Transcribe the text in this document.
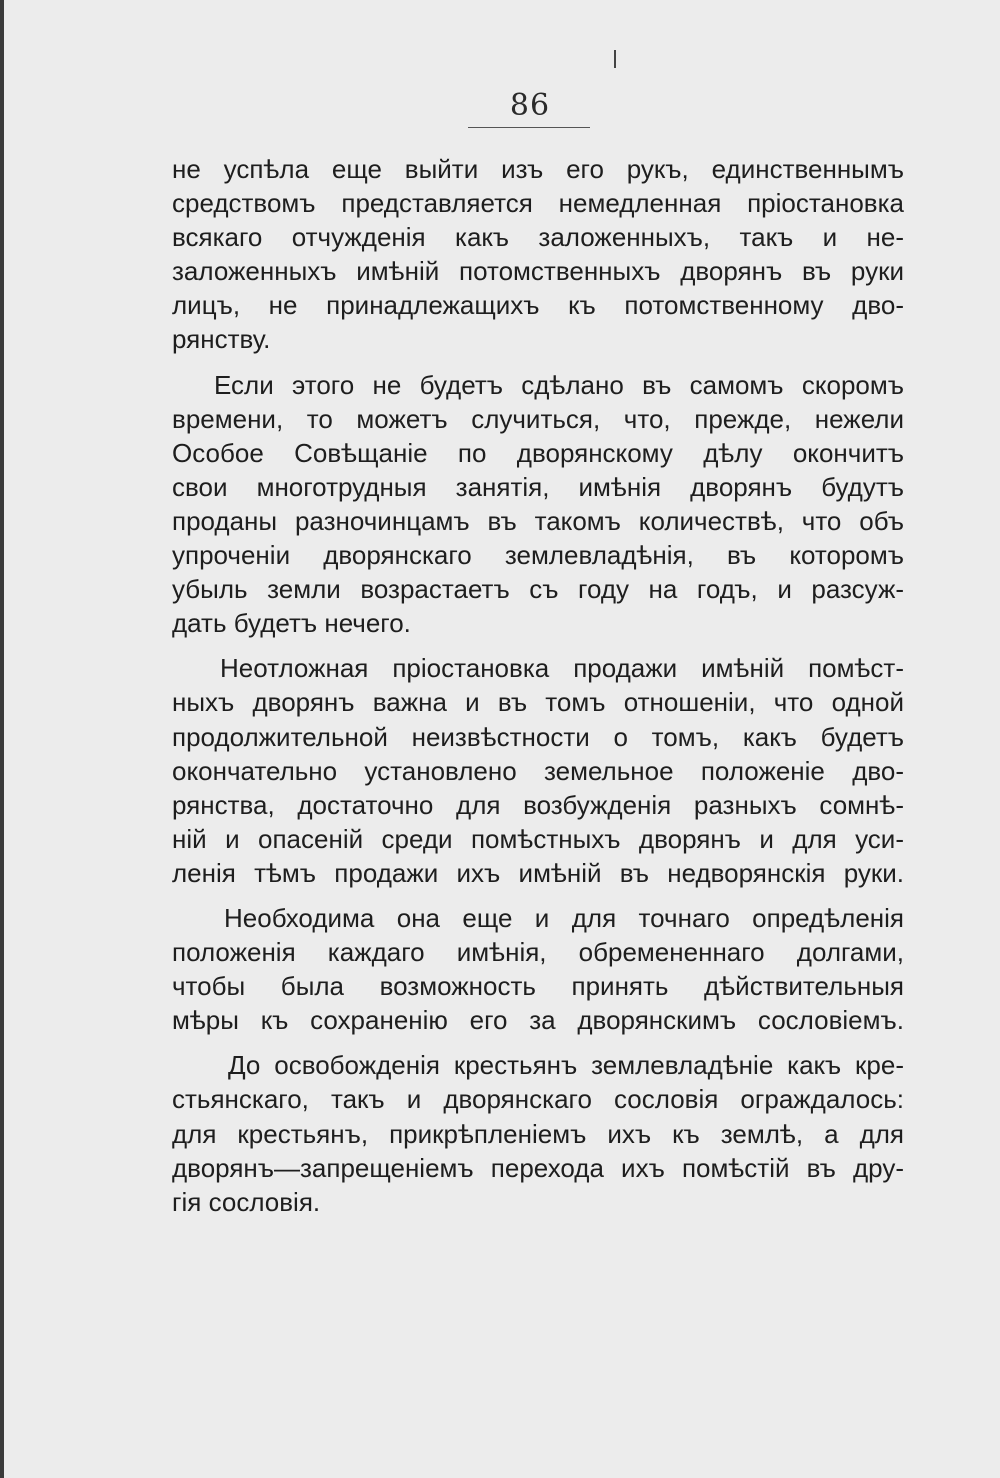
86
не успѣла еще выйти изъ его рукъ, единственнымъ
средствомъ представляется немедленная пріостановка
всякаго отчужденія какъ заложенныхъ, такъ и не-
заложенныхъ имѣній потомственныхъ дворянъ въ руки
лицъ, не принадлежащихъ къ потомственному дво-
рянству.
Если этого не будетъ сдѣлано въ самомъ скоромъ
времени, то можетъ случиться, что, прежде, нежели
Особое Совѣщаніе по дворянскому дѣлу окончитъ
свои многотрудныя занятія, имѣнія дворянъ будутъ
проданы разночинцамъ въ такомъ количествѣ, что объ
упроченіи дворянскаго землевладѣнія, въ которомъ
убыль земли возрастаетъ съ году на годъ, и разсуж-
дать будетъ нечего.
Неотложная пріостановка продажи имѣній помѣст-
ныхъ дворянъ важна и въ томъ отношеніи, что одной
продолжительной неизвѣстности о томъ, какъ будетъ
окончательно установлено земельное положеніе дво-
рянства, достаточно для возбужденія разныхъ сомнѣ-
ній и опасеній среди помѣстныхъ дворянъ и для уси-
ленія тѣмъ продажи ихъ имѣній въ недворянскія руки.
Необходима она еще и для точнаго опредѣленія
положенія каждаго имѣнія, обремененнаго долгами,
чтобы была возможность принять дѣйствительныя
мѣры къ сохраненію его за дворянскимъ сословіемъ.
До освобожденія крестьянъ землевладѣніе какъ кре-
стьянскаго, такъ и дворянскаго сословія ограждалось:
для крестьянъ, прикрѣпленіемъ ихъ къ землѣ, а для
дворянъ—запрещеніемъ перехода ихъ помѣстій въ дру-
гія сословія.
